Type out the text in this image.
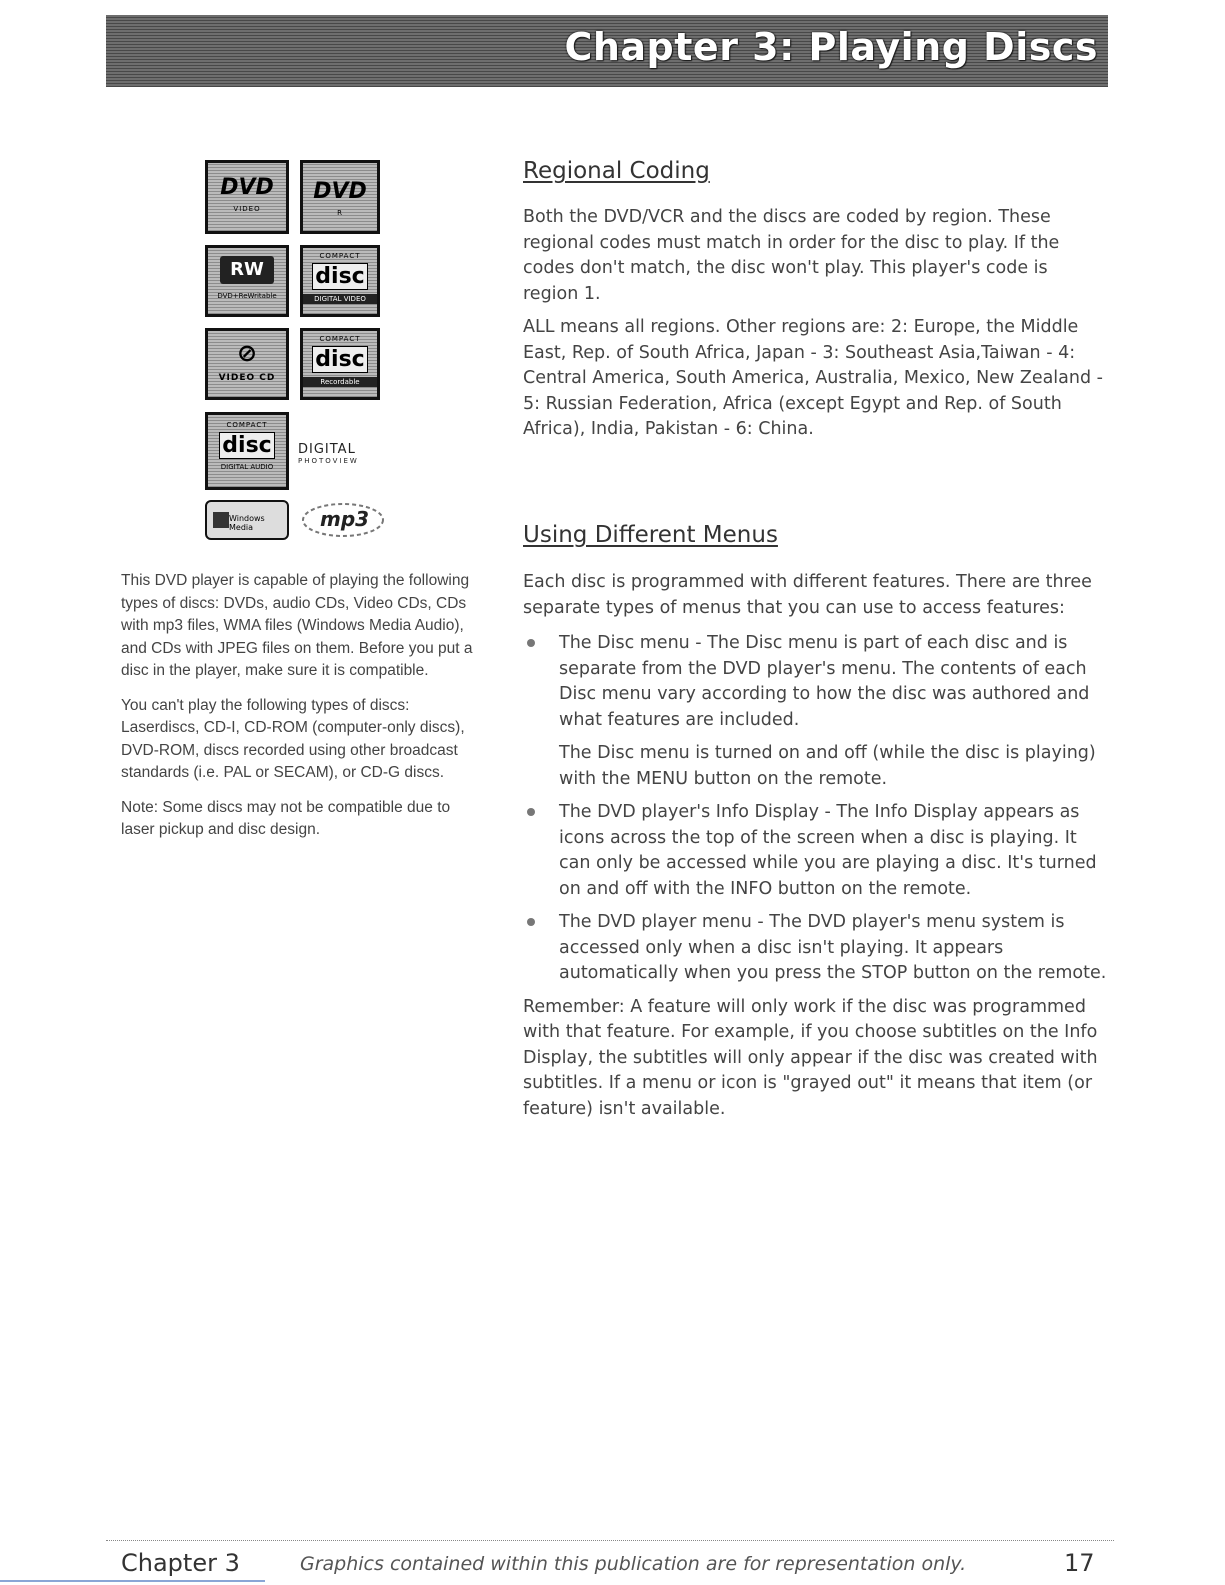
Chapter 3: Playing Discs
DVD
VIDEO
DVD
R
RW
DVD+ReWritable
COMPACT
disc
DIGITAL VIDEO
⊘
VIDEO CD
COMPACT
disc
Recordable
COMPACT
disc
DIGITAL AUDIO
DIGITAL
PHOTOVIEW
Windows Media	mp3

This DVD player is capable of playing the following types of discs: DVDs, audio CDs, Video CDs, CDs with mp3 files, WMA files (Windows Media Audio), and CDs with JPEG files on them. Before you put a disc in the player, make sure it is compatible.

You can't play the following types of discs: Laserdiscs, CD-I, CD-ROM (computer-only discs), DVD-ROM, discs recorded using other broadcast standards (i.e. PAL or SECAM), or CD-G discs.

Note: Some discs may not be compatible due to laser pickup and disc design.

Regional Coding

Both the DVD/VCR and the discs are coded by region. These regional codes must match in order for the disc to play. If the codes don't match, the disc won't play. This player's code is region 1.

ALL means all regions. Other regions are: 2: Europe, the Middle East, Rep. of South Africa, Japan - 3: Southeast Asia,Taiwan - 4: Central America, South America, Australia, Mexico, New Zealand - 5: Russian Federation, Africa (except Egypt and Rep. of South Africa), India, Pakistan - 6: China.

Using Different Menus

Each disc is programmed with different features. There are three separate types of menus that you can use to access features:

The Disc menu - The Disc menu is part of each disc and is separate from the DVD player's menu. The contents of each Disc menu vary according to how the disc was authored and what features are included.

The Disc menu is turned on and off (while the disc is playing) with the MENU button on the remote.

The DVD player's Info Display - The Info Display appears as icons across the top of the screen when a disc is playing. It can only be accessed while you are playing a disc. It's turned on and off with the INFO button on the remote.

The DVD player menu - The DVD player's menu system is accessed only when a disc isn't playing. It appears automatically when you press the STOP button on the remote.

Remember: A feature will only work if the disc was programmed with that feature. For example, if you choose subtitles on the Info Display, the subtitles will only appear if the disc was created with subtitles. If a menu or icon is "grayed out" it means that item (or feature) isn't available.

Chapter 3	Graphics contained within this publication are for representation only.	17
